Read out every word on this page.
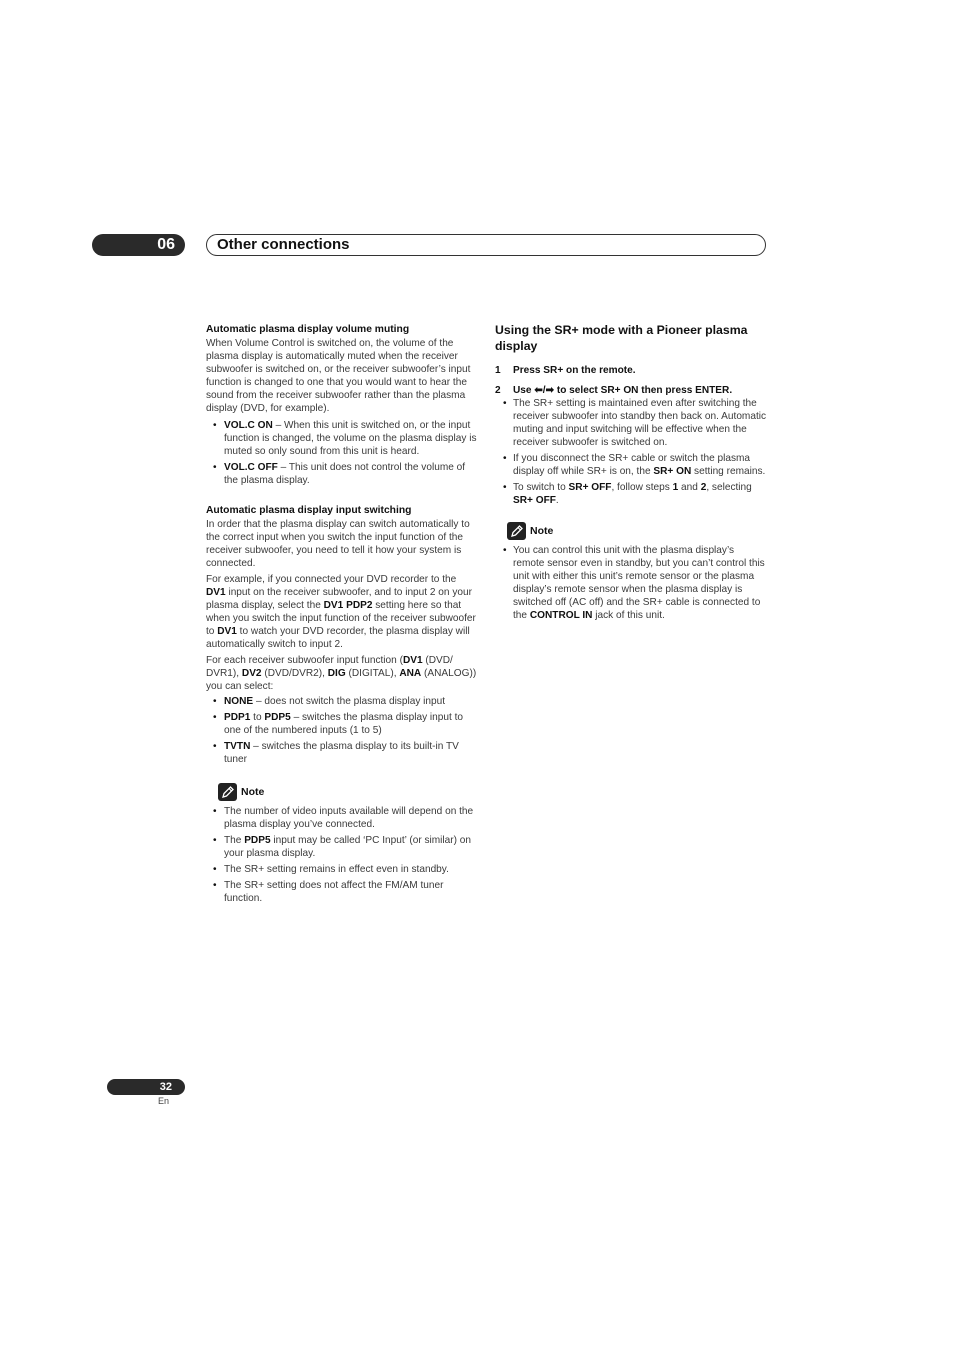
06	Other connections
Automatic plasma display volume muting

When Volume Control is switched on, the volume of the plasma display is automatically muted when the receiver subwoofer is switched on, or the receiver subwoofer’s input function is changed to one that you would want to hear the sound from the receiver subwoofer rather than the plasma display (DVD, for example).

• VOL.C ON – When this unit is switched on, or the input function is changed, the volume on the plasma display is muted so only sound from this unit is heard.
• VOL.C OFF – This unit does not control the volume of the plasma display.
Automatic plasma display input switching

In order that the plasma display can switch automatically to the correct input when you switch the input function of the receiver subwoofer, you need to tell it how your system is connected.

For example, if you connected your DVD recorder to the DV1 input on the receiver subwoofer, and to input 2 on your plasma display, select the DV1 PDP2 setting here so that when you switch the input function of the receiver subwoofer to DV1 to watch your DVD recorder, the plasma display will automatically switch to input 2.

For each receiver subwoofer input function (DV1 (DVD/ DVR1), DV2 (DVD/DVR2), DIG (DIGITAL), ANA (ANALOG)) you can select:

• NONE – does not switch the plasma display input
• PDP1 to PDP5 – switches the plasma display input to one of the numbered inputs (1 to 5)
• TVTN – switches the plasma display to its built-in TV tuner
Note
• The number of video inputs available will depend on the plasma display you’ve connected.
• The PDP5 input may be called ‘PC Input’ (or similar) on your plasma display.
• The SR+ setting remains in effect even in standby.
• The SR+ setting does not affect the FM/AM tuner function.
Using the SR+ mode with a Pioneer plasma display
1	Press SR+ on the remote.
2	Use ⬅/➡ to select SR+ ON then press ENTER.
• The SR+ setting is maintained even after switching the receiver subwoofer into standby then back on. Automatic muting and input switching will be effective when the receiver subwoofer is switched on.
• If you disconnect the SR+ cable or switch the plasma display off while SR+ is on, the SR+ ON setting remains.
• To switch to SR+ OFF, follow steps 1 and 2, selecting SR+ OFF.
Note
• You can control this unit with the plasma display’s remote sensor even in standby, but you can’t control this unit with either this unit’s remote sensor or the plasma display’s remote sensor when the plasma display is switched off (AC off) and the SR+ cable is connected to the CONTROL IN jack of this unit.
32
En
